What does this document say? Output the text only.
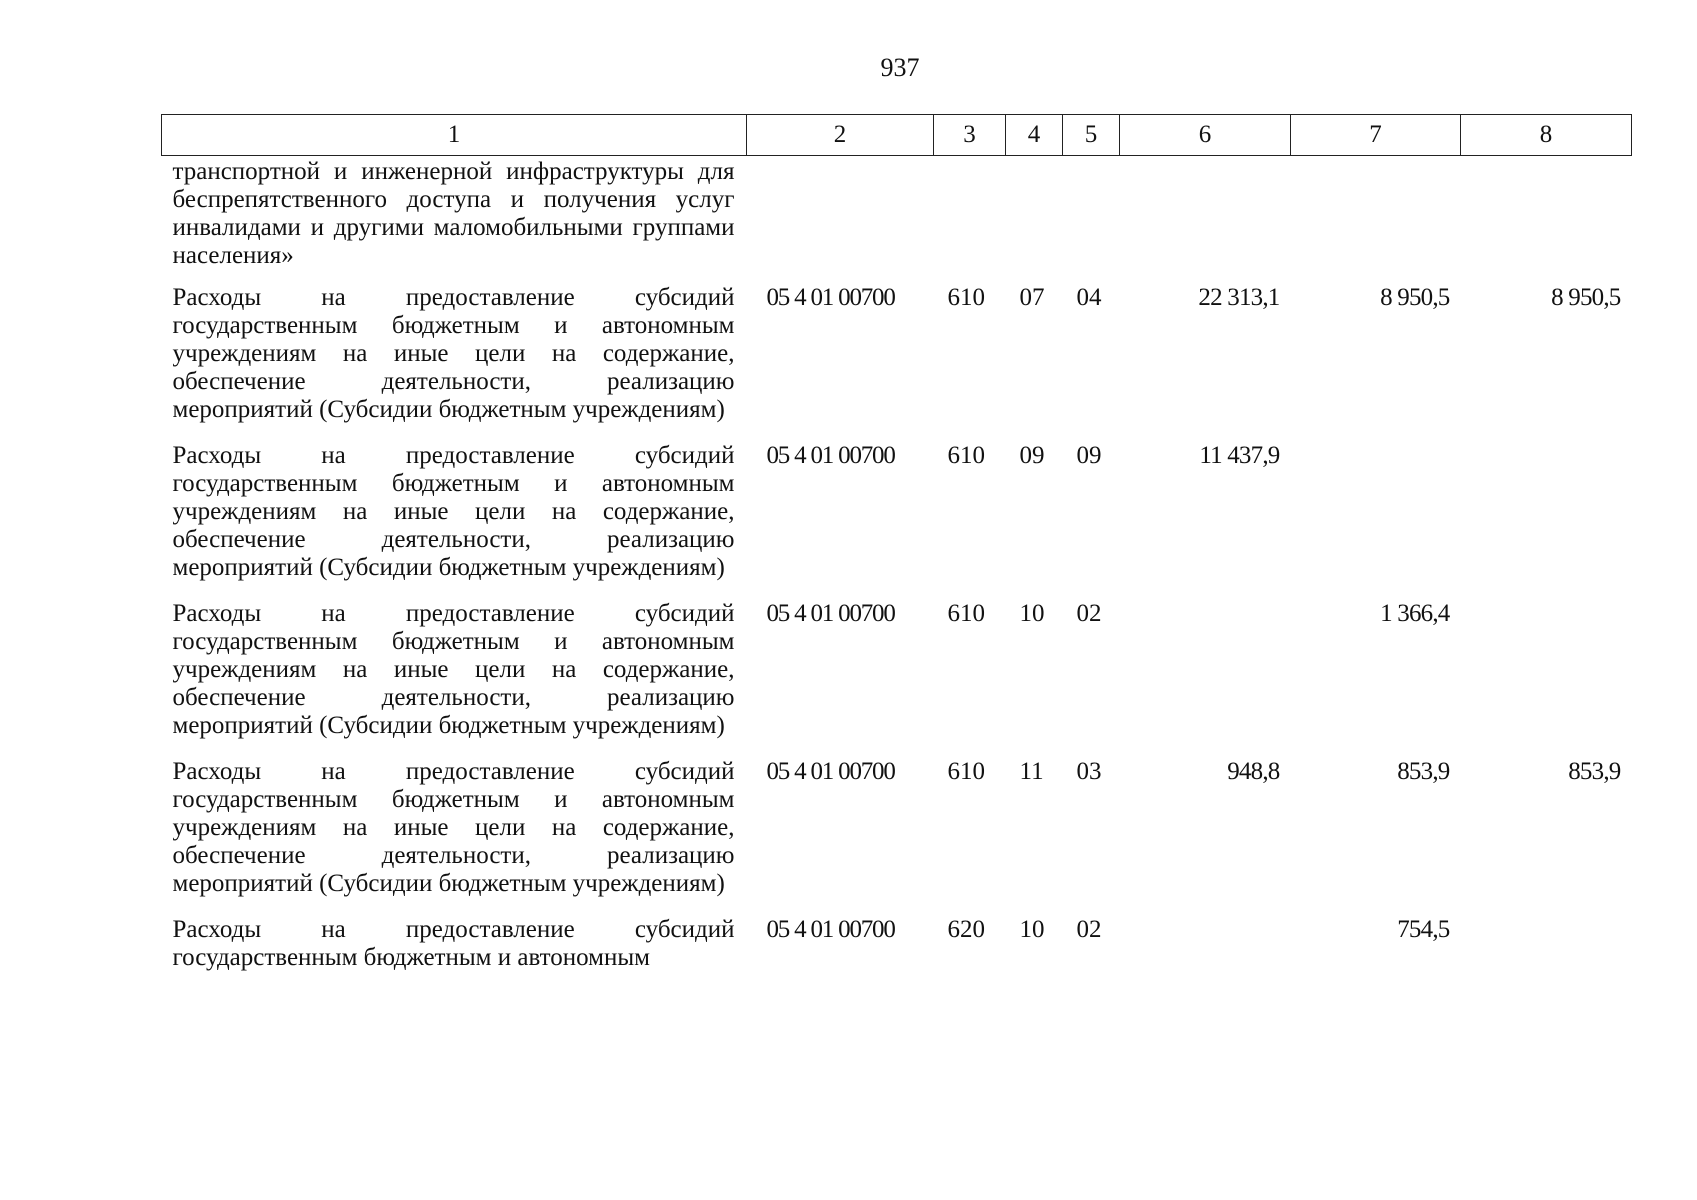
937
1	2	3	4	5	6	7	8
транспортной и инженерной инфраструктуры для беспрепятственного доступа и получения услуг инвалидами и другими маломобильными группами населения»							
Расходы на предоставление субсидий государственным бюджетным и автономным учреждениям на иные цели на содержание, обеспечение деятельности, реализацию мероприятий (Субсидии бюджетным учреждениям)	05 4 01 00700	610	07	04	22 313,1	8 950,5	8 950,5
Расходы на предоставление субсидий государственным бюджетным и автономным учреждениям на иные цели на содержание, обеспечение деятельности, реализацию мероприятий (Субсидии бюджетным учреждениям)	05 4 01 00700	610	09	09	11 437,9		
Расходы на предоставление субсидий государственным бюджетным и автономным учреждениям на иные цели на содержание, обеспечение деятельности, реализацию мероприятий (Субсидии бюджетным учреждениям)	05 4 01 00700	610	10	02		1 366,4	
Расходы на предоставление субсидий государственным бюджетным и автономным учреждениям на иные цели на содержание, обеспечение деятельности, реализацию мероприятий (Субсидии бюджетным учреждениям)	05 4 01 00700	610	11	03	948,8	853,9	853,9
Расходы на предоставление субсидий государственным бюджетным и автономным	05 4 01 00700	620	10	02		754,5	
